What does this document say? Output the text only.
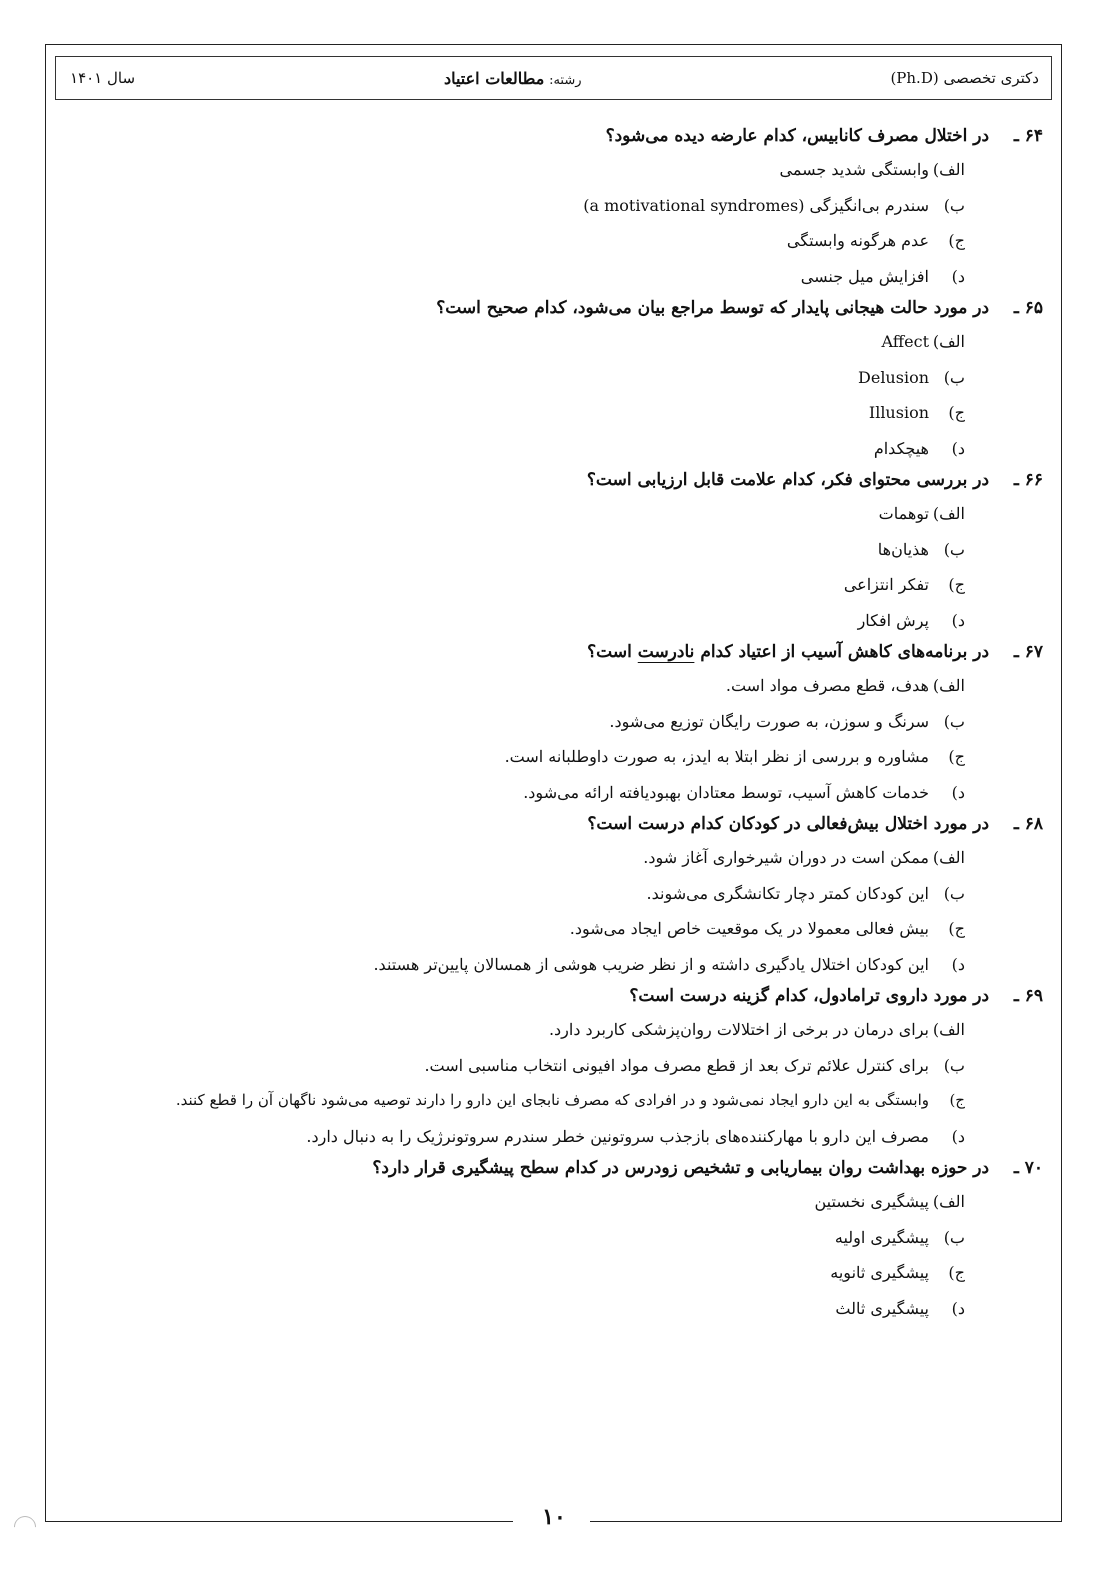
دکتری تخصصی (Ph.D)
رشته: مطالعات اعتیاد
سال ۱۴۰۱
۶۴ ـ در اختلال مصرف کانابیس، کدام عارضه دیده می‌شود؟
الف)وابستگی شدید جسمی
ب)سندرم بی‌انگیزگی (a motivational syndromes)
ج)عدم هرگونه وابستگی
د)افزایش میل جنسی
۶۵ ـ در مورد حالت هیجانی پایدار که توسط مراجع بیان می‌شود، کدام صحیح است؟
الف)Affect
ب)Delusion
ج)Illusion
د)هیچکدام
۶۶ ـ در بررسی محتوای فکر، کدام علامت قابل ارزیابی است؟
الف)توهمات
ب)هذیان‌ها
ج)تفکر انتزاعی
د)پرش افکار
۶۷ ـ در برنامه‌های کاهش آسیب از اعتیاد کدام نادرست است؟
الف)هدف، قطع مصرف مواد است.
ب)سرنگ و سوزن، به صورت رایگان توزیع می‌شود.
ج)مشاوره و بررسی از نظر ابتلا به ایدز، به صورت داوطلبانه است.
د)خدمات کاهش آسیب، توسط معتادان بهبودیافته ارائه می‌شود.
۶۸ ـ در مورد اختلال بیش‌فعالی در کودکان کدام درست است؟
الف)ممکن است در دوران شیرخواری آغاز شود.
ب)این کودکان کمتر دچار تکانشگری می‌شوند.
ج)بیش فعالی معمولا در یک موقعیت خاص ایجاد می‌شود.
د)این کودکان اختلال یادگیری داشته و از نظر ضریب هوشی از همسالان پایین‌تر هستند.
۶۹ ـ در مورد داروی ترامادول، کدام گزینه درست است؟
الف)برای درمان در برخی از اختلالات روان‌پزشکی کاربرد دارد.
ب)برای کنترل علائم ترک بعد از قطع مصرف مواد افیونی انتخاب مناسبی است.
ج)وابستگی به این دارو ایجاد نمی‌شود و در افرادی که مصرف نابجای این دارو را دارند توصیه می‌شود ناگهان آن را قطع کنند.
د)مصرف این دارو با مهارکننده‌های بازجذب سروتونین خطر سندرم سروتونرژیک را به دنبال دارد.
۷۰ ـ در حوزه بهداشت روان بیماریابی و تشخیص زودرس در کدام سطح پیشگیری قرار دارد؟
الف)پیشگیری نخستین
ب)پیشگیری اولیه
ج)پیشگیری ثانویه
د)پیشگیری ثالث
۱۰
